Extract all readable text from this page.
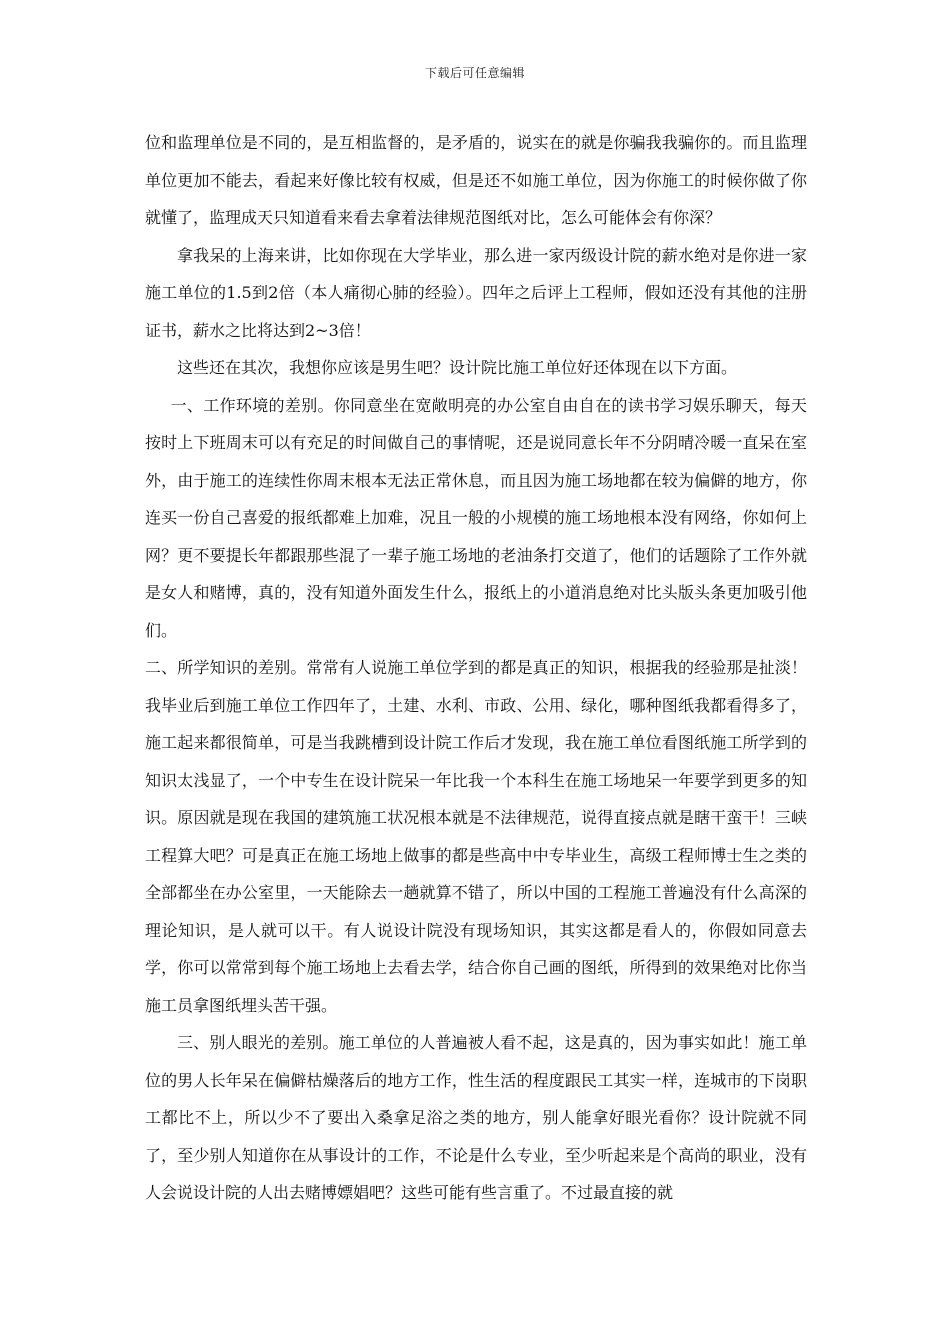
下载后可任意编辑

位和监理单位是不同的，是互相监督的，是矛盾的，说实在的就是你骗我我骗你的。而且监理单位更加不能去，看起来好像比较有权威，但是还不如施工单位，因为你施工的时候你做了你就懂了，监理成天只知道看来看去拿着法律规范图纸对比，怎么可能体会有你深？

拿我呆的上海来讲，比如你现在大学毕业，那么进一家丙级设计院的薪水绝对是你进一家施工单位的1.5到2倍（本人痛彻心肺的经验）。四年之后评上工程师，假如还没有其他的注册证书，薪水之比将达到2~3倍！

这些还在其次，我想你应该是男生吧？设计院比施工单位好还体现在以下方面。

一、工作环境的差别。你同意坐在宽敞明亮的办公室自由自在的读书学习娱乐聊天，每天按时上下班周末可以有充足的时间做自己的事情呢，还是说同意长年不分阴晴冷暖一直呆在室外，由于施工的连续性你周末根本无法正常休息，而且因为施工场地都在较为偏僻的地方，你连买一份自己喜爱的报纸都难上加难，况且一般的小规模的施工场地根本没有网络，你如何上网？更不要提长年都跟那些混了一辈子施工场地的老油条打交道了，他们的话题除了工作外就是女人和赌博，真的，没有知道外面发生什么，报纸上的小道消息绝对比头版头条更加吸引他们。

二、所学知识的差别。常常有人说施工单位学到的都是真正的知识，根据我的经验那是扯淡！我毕业后到施工单位工作四年了，土建、水利、市政、公用、绿化，哪种图纸我都看得多了，施工起来都很简单，可是当我跳槽到设计院工作后才发现，我在施工单位看图纸施工所学到的知识太浅显了，一个中专生在设计院呆一年比我一个本科生在施工场地呆一年要学到更多的知识。原因就是现在我国的建筑施工状况根本就是不法律规范，说得直接点就是瞎干蛮干！三峡工程算大吧？可是真正在施工场地上做事的都是些高中中专毕业生，高级工程师博士生之类的全部都坐在办公室里，一天能除去一趟就算不错了，所以中国的工程施工普遍没有什么高深的理论知识，是人就可以干。有人说设计院没有现场知识，其实这都是看人的，你假如同意去学，你可以常常到每个施工场地上去看去学，结合你自己画的图纸，所得到的效果绝对比你当施工员拿图纸埋头苦干强。

三、别人眼光的差别。施工单位的人普遍被人看不起，这是真的，因为事实如此！施工单位的男人长年呆在偏僻枯燥落后的地方工作，性生活的程度跟民工其实一样，连城市的下岗职工都比不上，所以少不了要出入桑拿足浴之类的地方，别人能拿好眼光看你？设计院就不同了，至少别人知道你在从事设计的工作，不论是什么专业，至少听起来是个高尚的职业，没有人会说设计院的人出去赌博嫖娼吧？这些可能有些言重了。不过最直接的就
